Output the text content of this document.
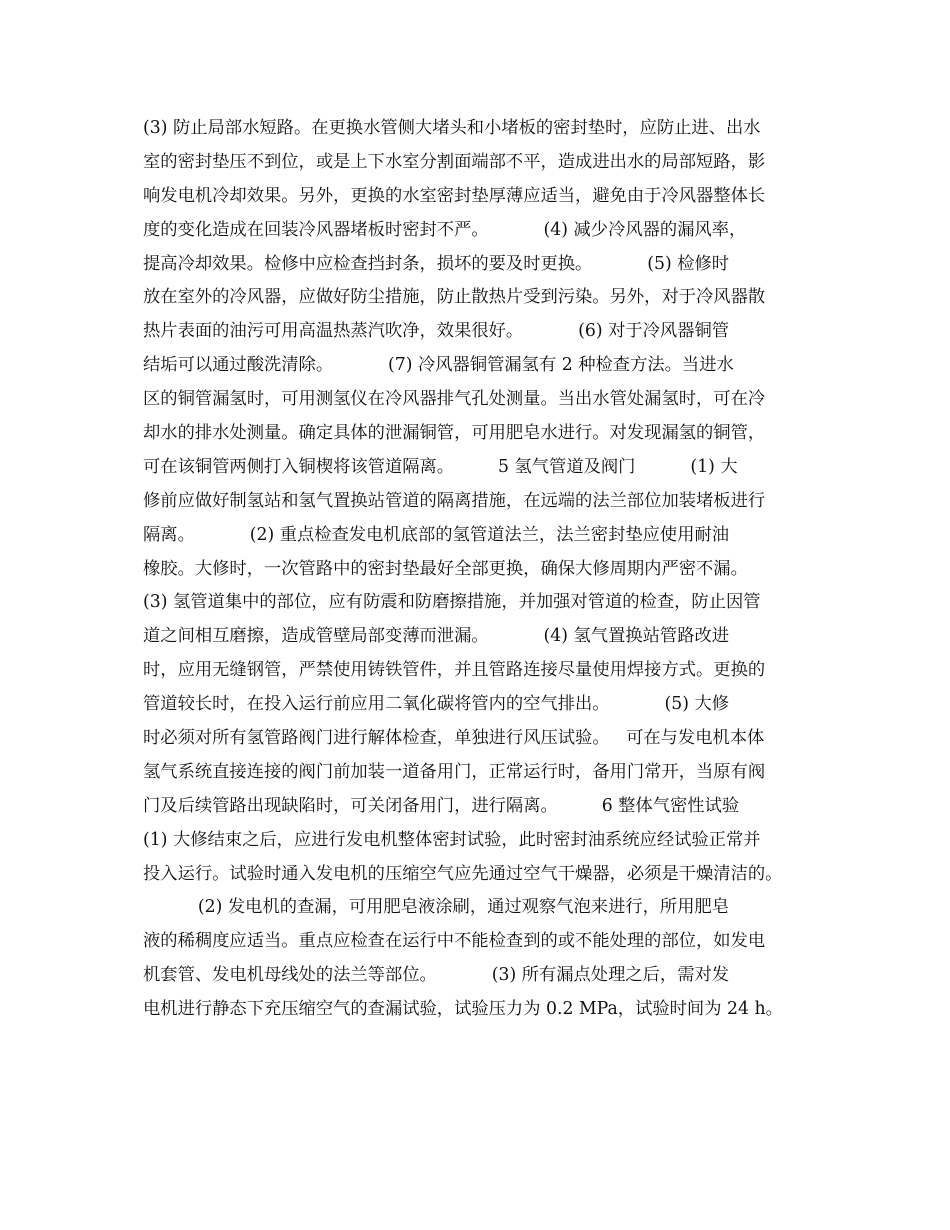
(3) 防止局部水短路。在更换水管侧大堵头和小堵板的密封垫时，应防止进、出水
室的密封垫压不到位，或是上下水室分割面端部不平，造成进出水的局部短路，影
响发电机冷却效果。另外，更换的水室密封垫厚薄应适当，避免由于冷风器整体长
度的变化造成在回装冷风器堵板时密封不严。          (4) 减少冷风器的漏风率，
提高冷却效果。检修中应检查挡封条，损坏的要及时更换。          (5) 检修时
放在室外的冷风器，应做好防尘措施，防止散热片受到污染。另外，对于冷风器散
热片表面的油污可用高温热蒸汽吹净，效果很好。          (6) 对于冷风器铜管
结垢可以通过酸洗清除。          (7) 冷风器铜管漏氢有 2 种检查方法。当进水
区的铜管漏氢时，可用测氢仪在冷风器排气孔处测量。当出水管处漏氢时，可在冷
却水的排水处测量。确定具体的泄漏铜管，可用肥皂水进行。对发现漏氢的铜管，
可在该铜管两侧打入铜楔将该管道隔离。        5 氢气管道及阀门          (1) 大
修前应做好制氢站和氢气置换站管道的隔离措施，在远端的法兰部位加装堵板进行
隔离。          (2) 重点检查发电机底部的氢管道法兰，法兰密封垫应使用耐油
橡胶。大修时，一次管路中的密封垫最好全部更换，确保大修周期内严密不漏。
(3) 氢管道集中的部位，应有防震和防磨擦措施，并加强对管道的检查，防止因管
道之间相互磨擦，造成管壁局部变薄而泄漏。          (4) 氢气置换站管路改进
时，应用无缝钢管，严禁使用铸铁管件，并且管路连接尽量使用焊接方式。更换的
管道较长时，在投入运行前应用二氧化碳将管内的空气排出。          (5) 大修
时必须对所有氢管路阀门进行解体检查，单独进行风压试验。   可在与发电机本体
氢气系统直接连接的阀门前加装一道备用门，正常运行时，备用门常开，当原有阀
门及后续管路出现缺陷时，可关闭备用门，进行隔离。        6 整体气密性试验
(1) 大修结束之后，应进行发电机整体密封试验，此时密封油系统应经试验正常并
投入运行。试验时通入发电机的压缩空气应先通过空气干燥器，必须是干燥清洁的。
(2) 发电机的查漏，可用肥皂液涂刷，通过观察气泡来进行，所用肥皂
液的稀稠度应适当。重点应检查在运行中不能检查到的或不能处理的部位，如发电
机套管、发电机母线处的法兰等部位。          (3) 所有漏点处理之后，需对发
电机进行静态下充压缩空气的查漏试验，试验压力为 0.2 MPa，试验时间为 24 h。
